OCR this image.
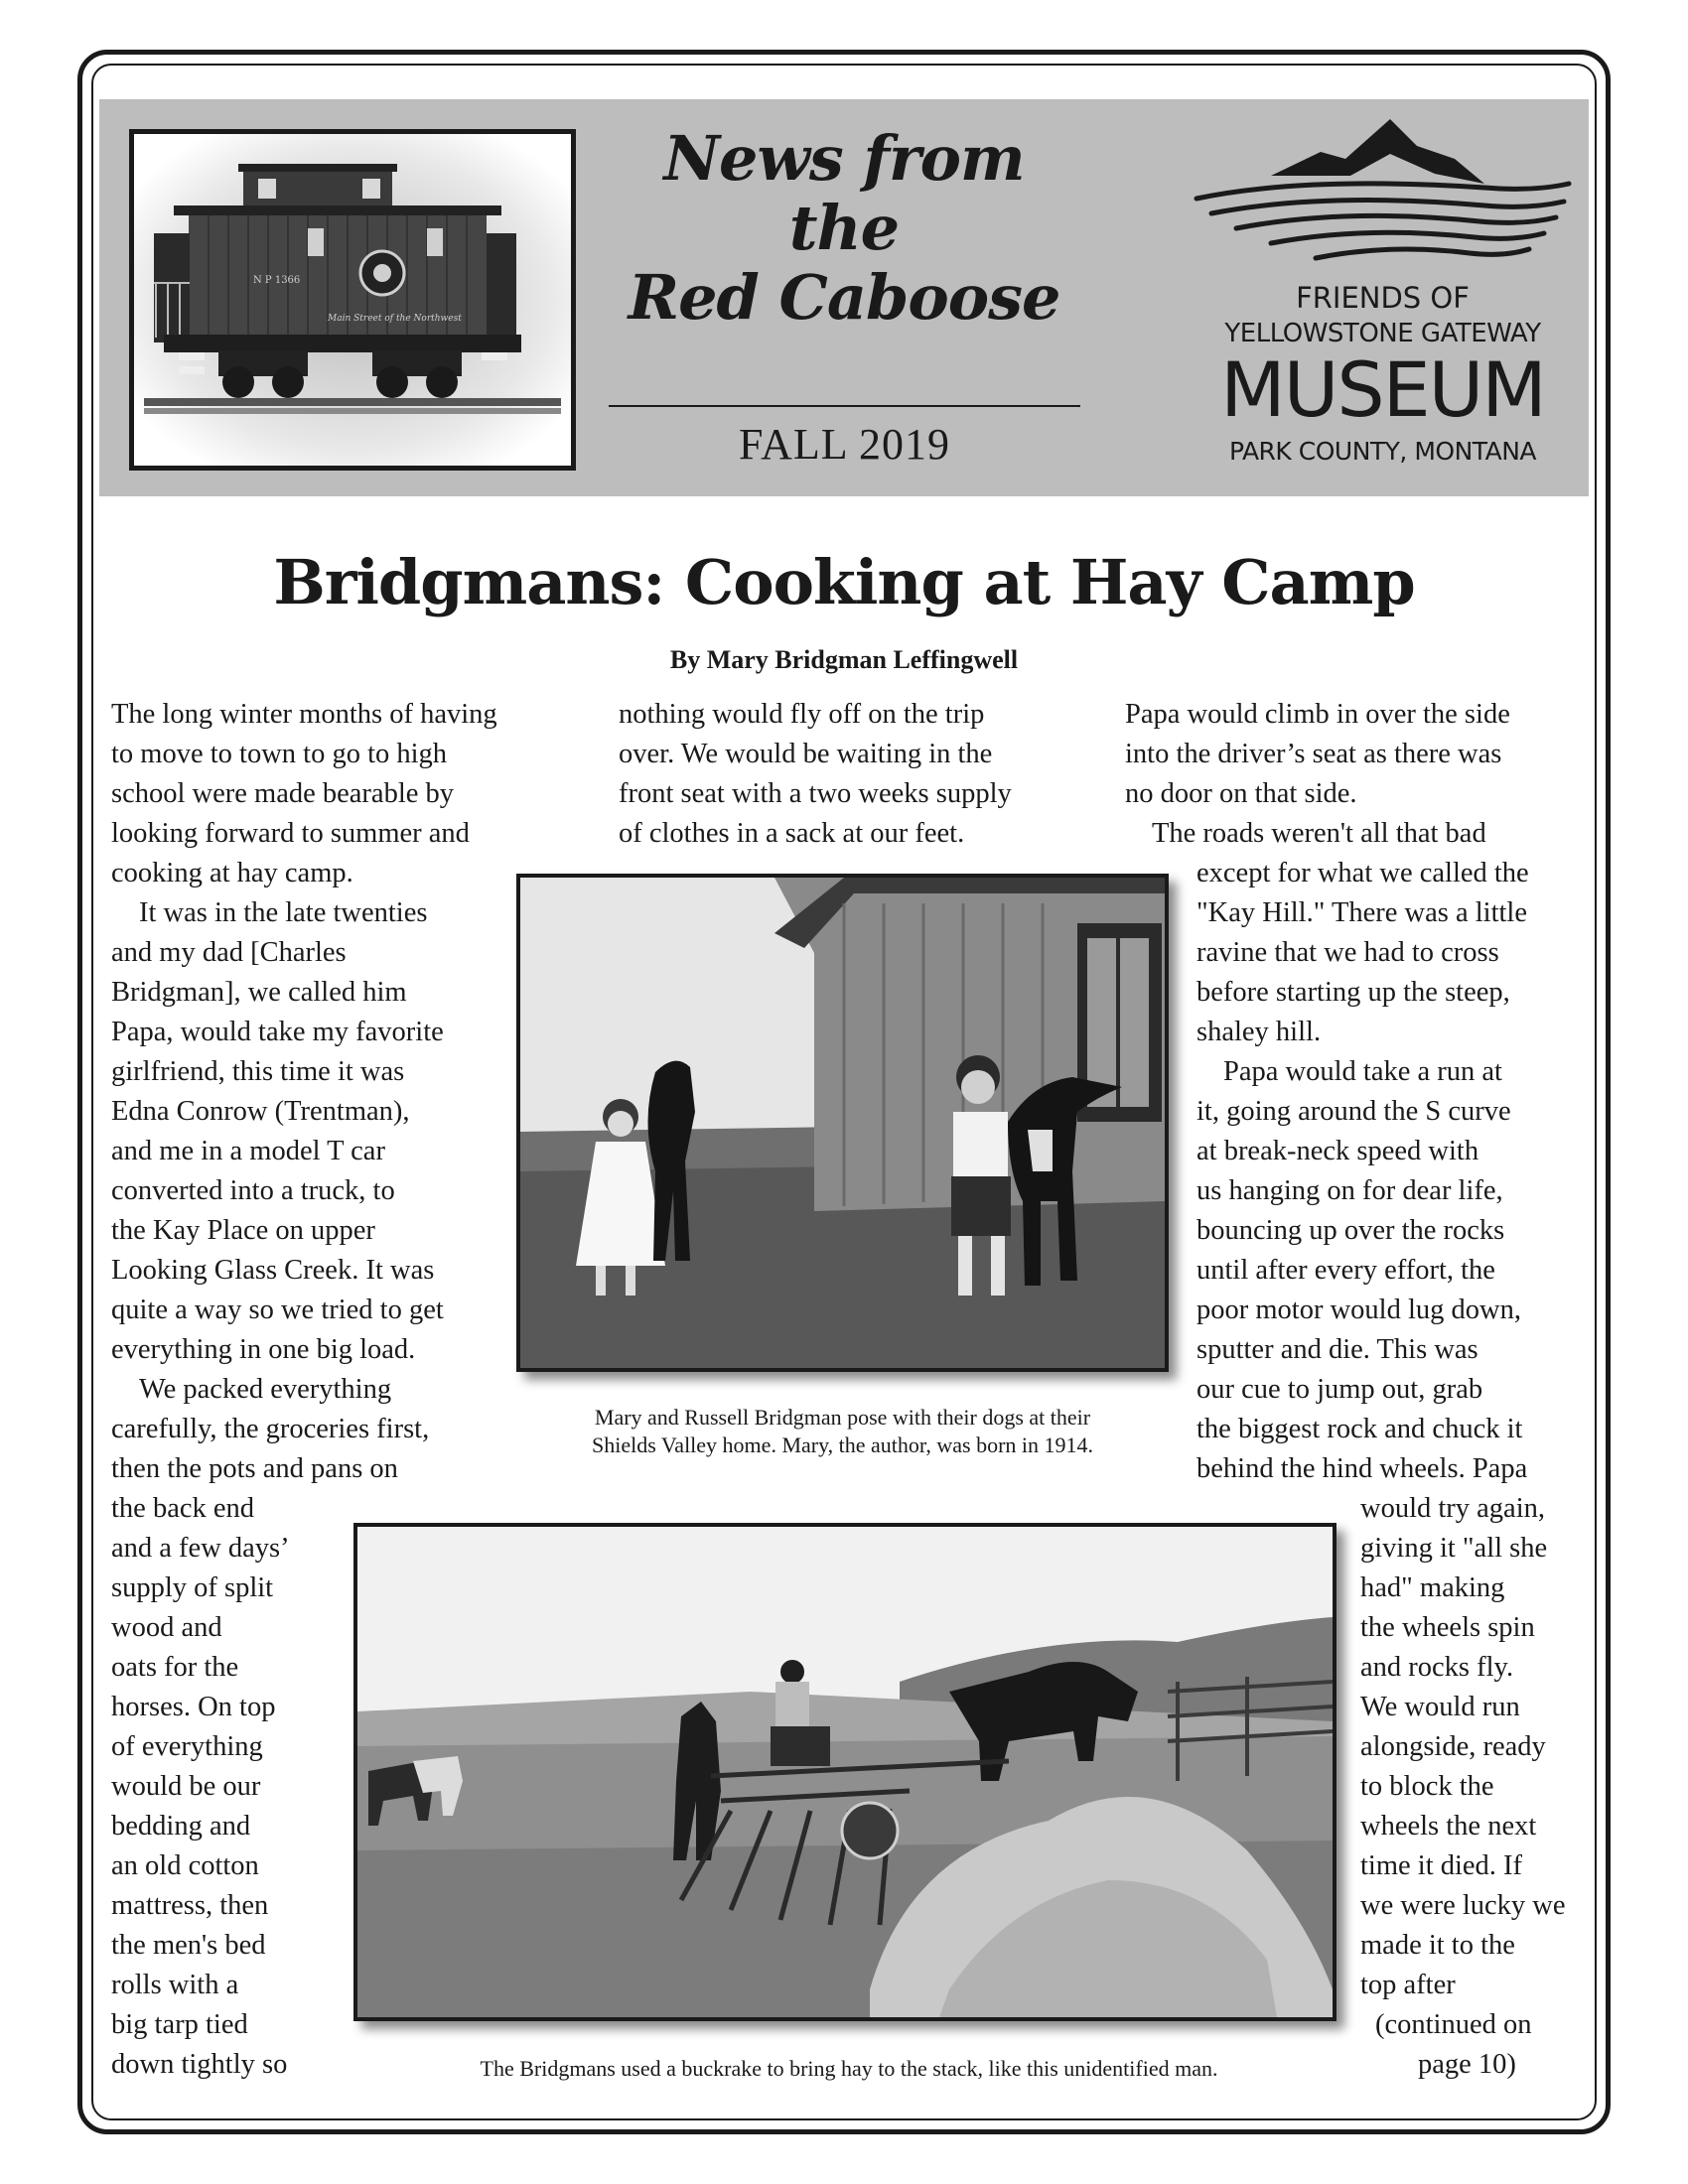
N P 1366
Main Street of the Northwest
News from
the
Red Caboose
FALL 2019
FRIENDS OF
YELLOWSTONE GATEWAY
MUSEUM
PARK COUNTY, MONTANA
Bridgmans: Cooking at Hay Camp
By Mary Bridgman Leffingwell
The long winter months of having
to move to town to go to high
school were made bearable by
looking forward to summer and
cooking at hay camp.
It was in the late twenties
and my dad [Charles
Bridgman], we called him
Papa, would take my favorite
girlfriend, this time it was
Edna Conrow (Trentman),
and me in a model T car
converted into a truck, to
the Kay Place on upper
Looking Glass Creek. It was
quite a way so we tried to get
everything in one big load.
We packed everything
carefully, the groceries first,
then the pots and pans on
the back end
and a few days’
supply of split
wood and
oats for the
horses. On top
of everything
would be our
bedding and
an old cotton
mattress, then
the men's bed
rolls with a
big tarp tied
down tightly so
nothing would fly off on the trip
over. We would be waiting in the
front seat with a two weeks supply
of clothes in a sack at our feet.
Papa would climb in over the side
into the driver’s seat as there was
no door on that side.
The roads weren't all that bad
except for what we called the
"Kay Hill." There was a little
ravine that we had to cross
before starting up the steep,
shaley hill.
Papa would take a run at
it, going around the S curve
at break-neck speed with
us hanging on for dear life,
bouncing up over the rocks
until after every effort, the
poor motor would lug down,
sputter and die. This was
our cue to jump out, grab
the biggest rock and chuck it
behind the hind wheels. Papa
would try again,
giving it "all she
had" making
the wheels spin
and rocks fly.
We would run
alongside, ready
to block the
wheels the next
time it died. If
we were lucky we
made it to the
top after
(continued on
page 10)
Mary and Russell Bridgman pose with their dogs at their
Shields Valley home. Mary, the author, was born in 1914.
The Bridgmans used a buckrake to bring hay to the stack, like this unidentified man.
